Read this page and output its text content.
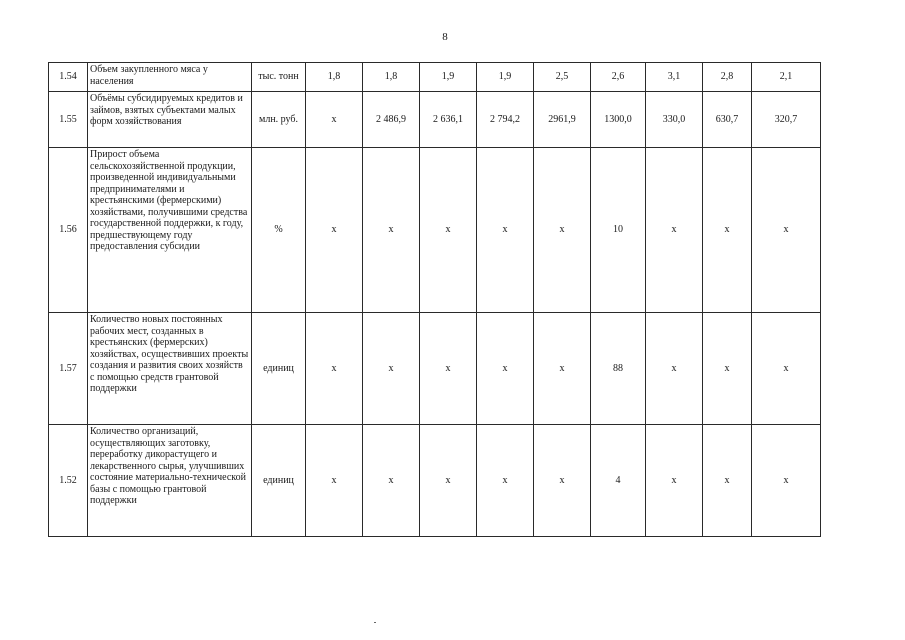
8
1.54	Объем закупленного мяса у населения	тыс. тонн	1,8	1,8	1,9	1,9	2,5	2,6	3,1	2,8	2,1
1.55	Объёмы субсидируемых кредитов и займов, взятых субъектами малых форм хозяйствования	млн. руб.	x	2 486,9	2 636,1	2 794,2	2961,9	1300,0	330,0	630,7	320,7
1.56	Прирост объема сельскохозяйственной продукции, произведенной индивидуальными предпринимателями и крестьянскими (фермерскими) хозяйствами, получившими средства государственной поддержки, к году, предшествующему году предоставления субсидии	%	x	x	x	x	x	10	x	x	x
1.57	Количество новых постоянных рабочих мест, созданных в крестьянских (фермерских) хозяйствах, осуществивших проекты создания и развития своих хозяйств с помощью средств грантовой поддержки	единиц	x	x	x	x	x	88	x	x	x
1.52	Количество организаций, осуществляющих заготовку, переработку дикорастущего и лекарственного сырья, улучшивших состояние материально-технической базы с помощью грантовой поддержки	единиц	x	x	x	x	x	4	x	x	x
